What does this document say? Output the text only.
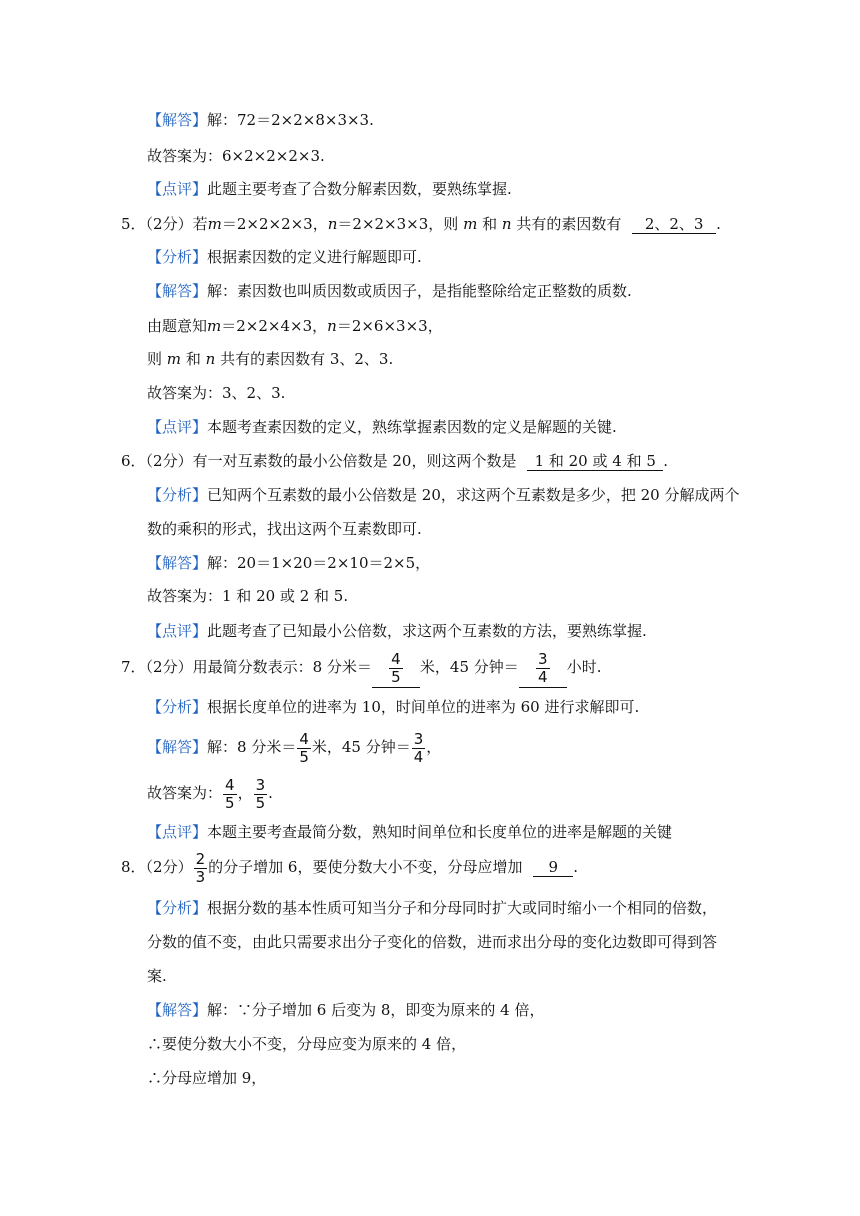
【解答】解：72＝2×2×8×3×3.
故答案为：6×2×2×2×3.
【点评】此题主要考查了合数分解素因数，要熟练掌握.
5．（2分）若m＝2×2×2×3，n＝2×2×3×3，则 m 和 n 共有的素因数有 2、2、3 .
【分析】根据素因数的定义进行解题即可.
【解答】解：素因数也叫质因数或质因子，是指能整除给定正整数的质数.
由题意知m＝2×2×4×3，n＝2×6×3×3，
则 m 和 n 共有的素因数有 3、2、3.
故答案为：3、2、3.
【点评】本题考查素因数的定义，熟练掌握素因数的定义是解题的关键.
6．（2分）有一对互素数的最小公倍数是 20，则这两个数是 1 和 20 或 4 和 5 .
【分析】已知两个互素数的最小公倍数是 20，求这两个互素数是多少，把 20 分解成两个
数的乘积的形式，找出这两个互素数即可.
【解答】解：20＝1×20＝2×10＝2×5，
故答案为：1 和 20 或 2 和 5.
【点评】此题考查了已知最小公倍数，求这两个互素数的方法，要熟练掌握.
7．（2分）用最简分数表示：8 分米＝ $\frac{4}{5}$ 米，45 分钟＝ $\frac{3}{4}$ 小时.
【分析】根据长度单位的进率为 10，时间单位的进率为 60 进行求解即可.
【解答】解：8 分米＝ $\frac{4}{5}$ 米，45 分钟＝ $\frac{3}{4}$ ，
故答案为： $\frac{4}{5}$ ， $\frac{3}{5}$ .
【点评】本题主要考查最简分数，熟知时间单位和长度单位的进率是解题的关键
8．（2分） $\frac{2}{3}$ 的分子增加 6，要使分数大小不变，分母应增加 9 .
【分析】根据分数的基本性质可知当分子和分母同时扩大或同时缩小一个相同的倍数，
分数的值不变，由此只需要求出分子变化的倍数，进而求出分母的变化边数即可得到答
案.
【解答】解：∵分子增加 6 后变为 8，即变为原来的 4 倍，
∴要使分数大小不变，分母应变为原来的 4 倍，
∴分母应增加 9，
